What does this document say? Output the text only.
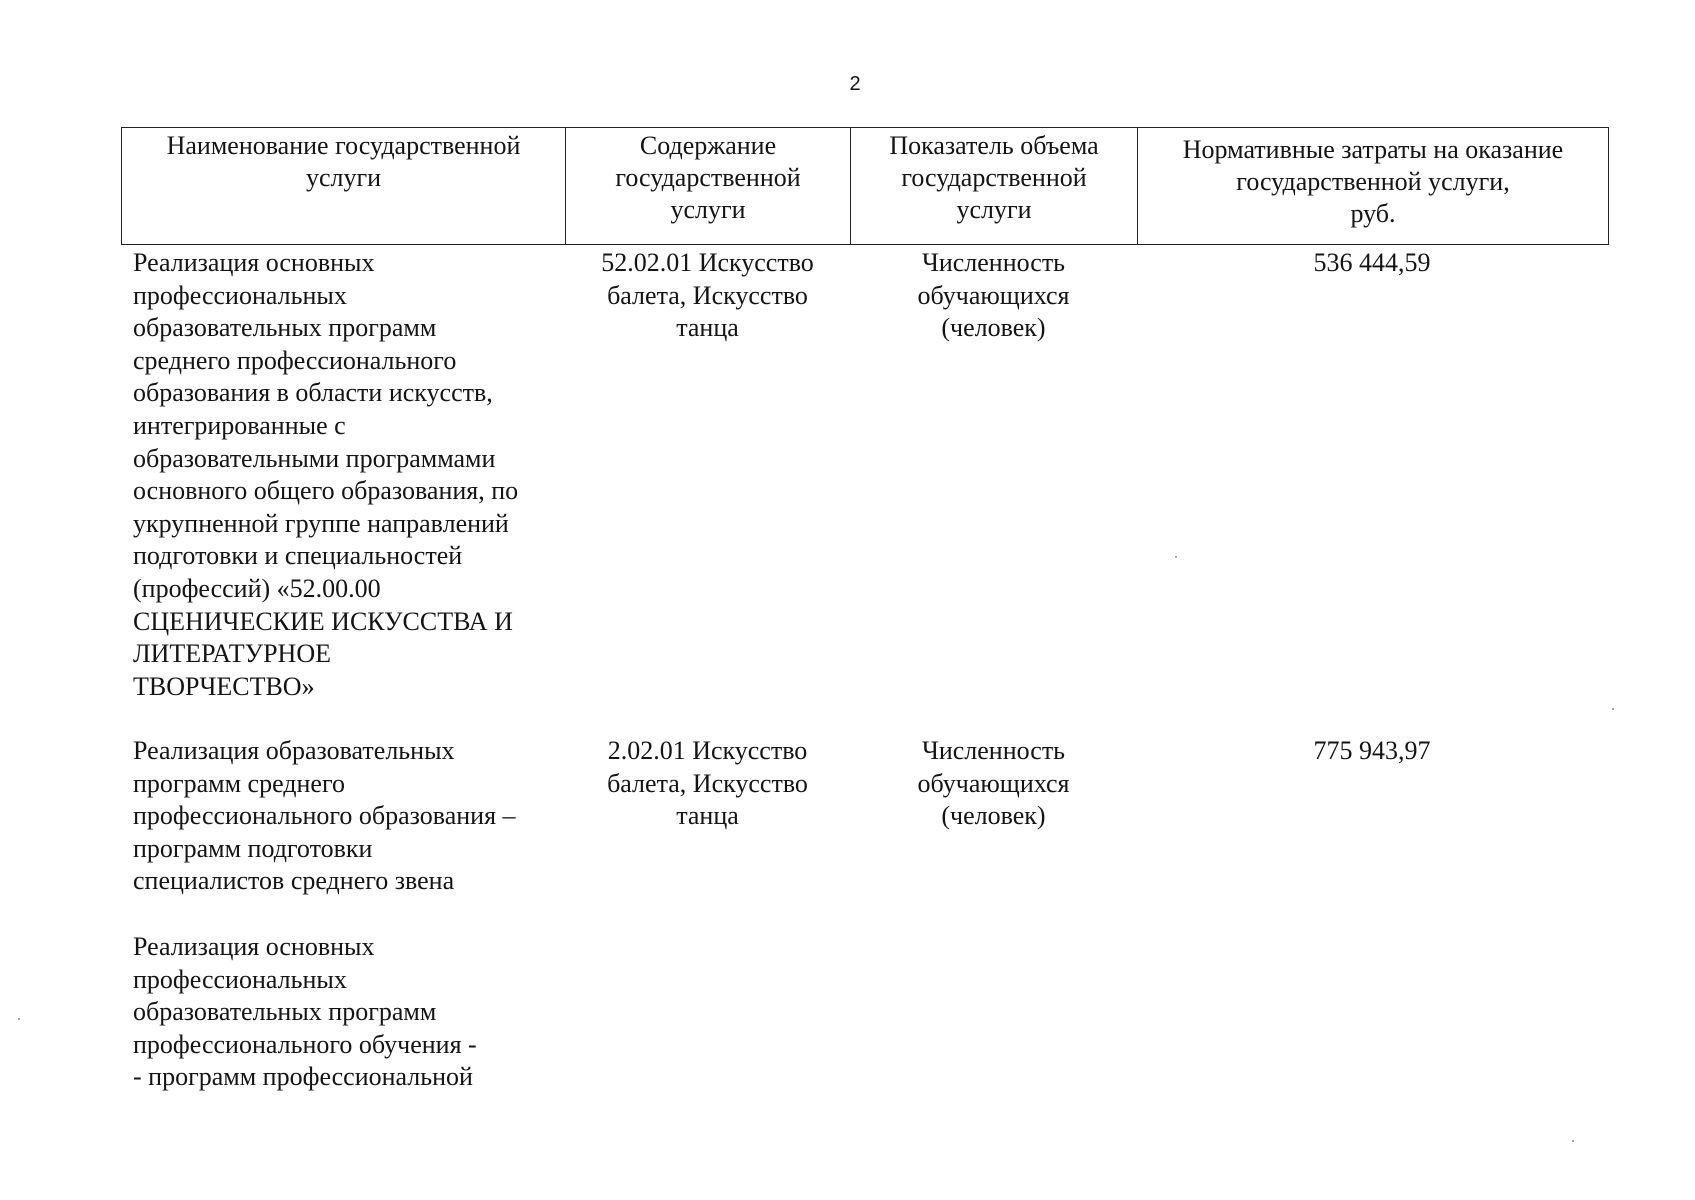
2
Наименование государственной
услуги
Содержание
государственной
услуги
Показатель объема
государственной
услуги
Нормативные затраты на оказание
государственной услуги,
руб.
Реализация основных
профессиональных
образовательных программ
среднего профессионального
образования в области искусств,
интегрированные с
образовательными программами
основного общего образования, по
укрупненной группе направлений
подготовки и специальностей
(профессий) «52.00.00
СЦЕНИЧЕСКИЕ ИСКУССТВА И
ЛИТЕРАТУРНОЕ
ТВОРЧЕСТВО»
52.02.01 Искусство
балета, Искусство
танца
Численность
обучающихся
(человек)
536 444,59
Реализация образовательных
программ среднего
профессионального образования –
программ подготовки
специалистов среднего звена
2.02.01 Искусство
балета, Искусство
танца
Численность
обучающихся
(человек)
775 943,97
Реализация основных
профессиональных
образовательных программ
профессионального обучения -
- программ профессиональной
